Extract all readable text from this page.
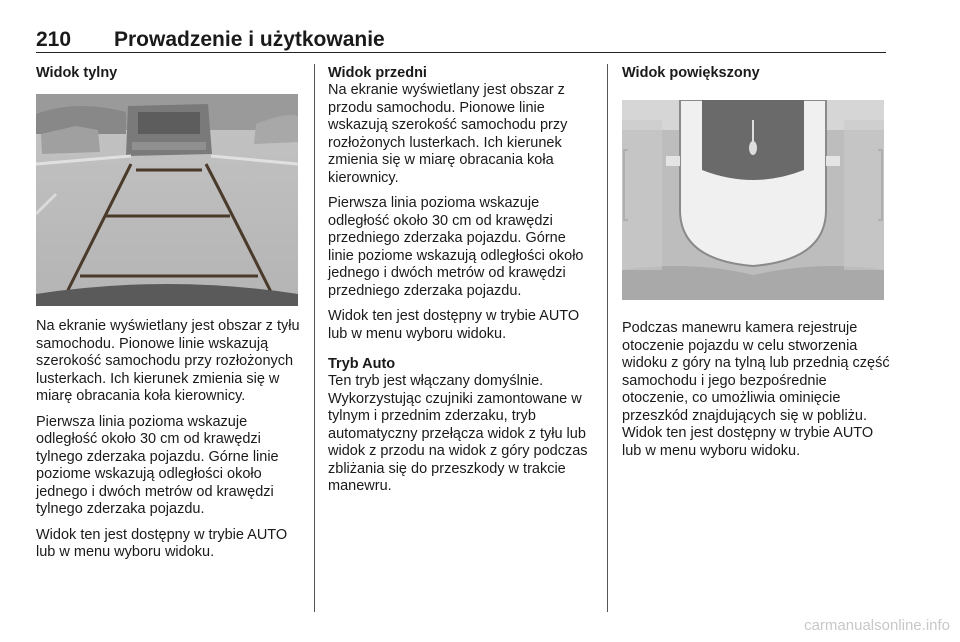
210 Prowadzenie i użytkowanie
Widok tylny

Na ekranie wyświetlany jest obszar z tyłu samochodu. Pionowe linie wskazują szerokość samochodu przy rozłożonych lusterkach. Ich kierunek zmienia się w miarę obracania koła kierownicy.

Pierwsza linia pozioma wskazuje odległość około 30 cm od krawędzi tylnego zderzaka pojazdu. Górne linie poziome wskazują odległości około jednego i dwóch metrów od krawędzi tylnego zderzaka pojazdu.

Widok ten jest dostępny w trybie AUTO lub w menu wyboru widoku.

Widok przedni

Na ekranie wyświetlany jest obszar z przodu samochodu. Pionowe linie wskazują szerokość samochodu przy rozłożonych lusterkach. Ich kierunek zmienia się w miarę obracania koła kierownicy.

Pierwsza linia pozioma wskazuje odległość około 30 cm od krawędzi przedniego zderzaka pojazdu. Górne linie poziome wskazują odległości około jednego i dwóch metrów od krawędzi przedniego zderzaka pojazdu.

Widok ten jest dostępny w trybie AUTO lub w menu wyboru widoku.

Tryb Auto

Ten tryb jest włączany domyślnie. Wykorzystując czujniki zamontowane w tylnym i przednim zderzaku, tryb automatyczny przełącza widok z tyłu lub widok z przodu na widok z góry podczas zbliżania się do przeszkody w trakcie manewru.

Widok powiększony

Podczas manewru kamera rejestruje otoczenie pojazdu w celu stworzenia widoku z góry na tylną lub przednią część samochodu i jego bezpośrednie otoczenie, co umożliwia ominięcie przeszkód znajdujących się w pobliżu. Widok ten jest dostępny w trybie AUTO lub w menu wyboru widoku.

carmanualsonline.info
